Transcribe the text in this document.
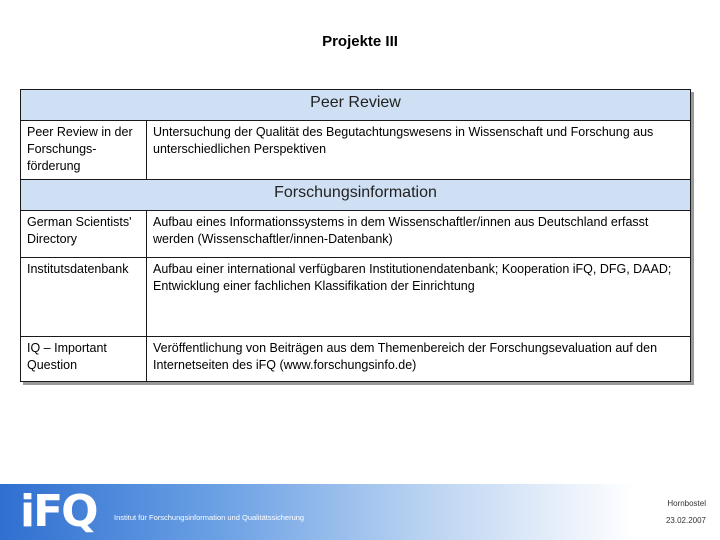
Projekte III
Peer Review	
Peer Review in der Forschungs-förderung	Untersuchung der Qualität des Begutachtungswesens in Wissenschaft und Forschung aus unterschiedlichen Perspektiven
Forschungsinformation	
German Scientists' Directory	Aufbau eines Informationssystems in dem Wissenschaftler/innen aus Deutschland erfasst werden (Wissenschaftler/innen-Datenbank)
Institutsdatenbank	Aufbau einer international verfügbaren Institutionendatenbank; Kooperation iFQ, DFG, DAAD; Entwicklung einer fachlichen Klassifikation der Einrichtung
IQ – Important Question	Veröffentlichung von Beiträgen aus dem Themenbereich der Forschungsevaluation auf den Internetseiten des iFQ (www.forschungsinfo.de)
iFQ Institut für Forschungsinformation und Qualitätssicherung
Hornbostel
23.02.2007
